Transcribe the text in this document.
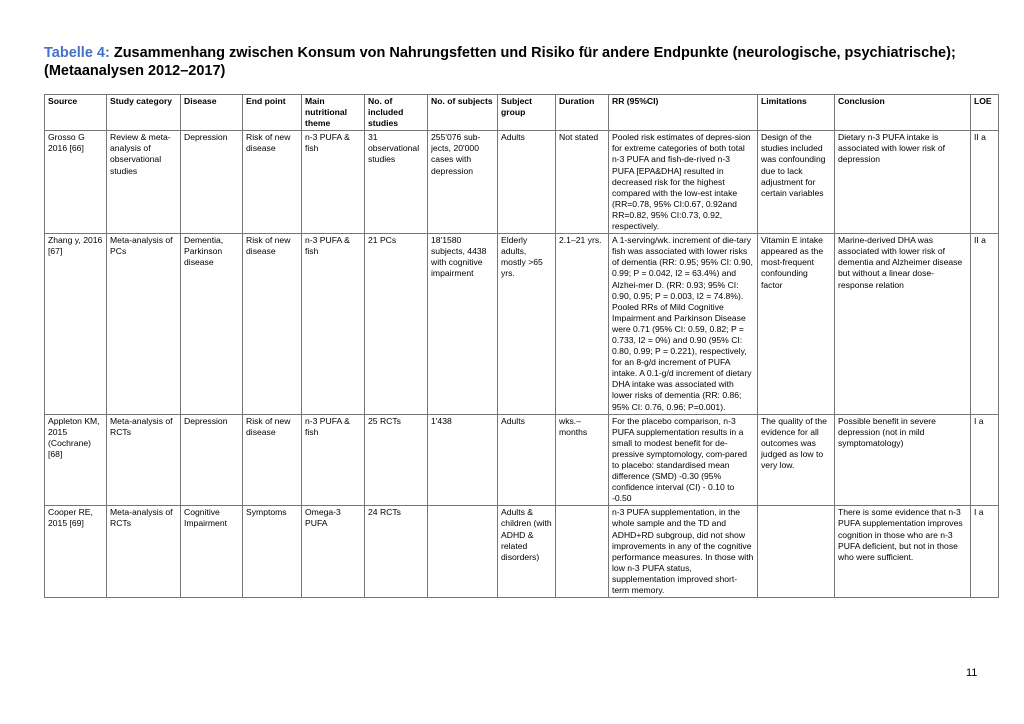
Tabelle 4: Zusammenhang zwischen Konsum von Nahrungsfetten und Risiko für andere Endpunkte (neurologische, psychiatrische); (Metaanalysen 2012–2017)

Source	Study category	Disease	End point	Main nutritional theme	No. of included studies	No. of subjects	Subject group	Duration	RR (95%CI)	Limitations	Conclusion	LOE
Grosso G 2016 [66]	Review & meta-analysis of observational studies	Depression	Risk of new disease	n-3 PUFA & fish	31 observational studies	255'076 sub-jects, 20'000 cases with depression	Adults	Not stated	Pooled risk estimates of depres-sion for extreme categories of both total n-3 PUFA and fish-de-rived n-3 PUFA [EPA&DHA] resulted in decreased risk for the highest compared with the low-est intake (RR=0.78, 95% CI:0.67, 0.92and RR=0.82, 95% CI:0.73, 0.92, respectively.	Design of the studies included was confounding due to lack adjustment for certain variables	Dietary n-3 PUFA intake is associated with lower risk of depression	II a
Zhang y, 2016 [67]	Meta-analysis of PCs	Dementia, Parkinson disease	Risk of new disease	n-3 PUFA & fish	21 PCs	18'1580 subjects, 4438 with cognitive impairment	Elderly adults, mostly >65 yrs.	2.1–21 yrs.	A 1-serving/wk. increment of die-tary fish was associated with lower risks of dementia (RR: 0.95; 95% CI: 0.90, 0.99; P = 0.042, I2 = 63.4%) and Alzhei-mer D. (RR: 0.93; 95% CI: 0.90, 0.95; P = 0.003, I2 = 74.8%). Pooled RRs of Mild Cognitive Impairment and Parkinson Disease were 0.71 (95% CI: 0.59, 0.82; P = 0.733, I2 = 0%) and 0.90 (95% CI: 0.80, 0.99; P = 0.221), respectively, for an 8-g/d increment of PUFA intake. A 0.1-g/d increment of dietary DHA intake was associated with lower risks of dementia (RR: 0.86; 95% CI: 0.76, 0.96; P=0.001).	Vitamin E intake appeared as the most-frequent confounding factor	Marine-derived DHA was associated with lower risk of dementia and Alzheimer disease but without a linear dose-response relation	II a
Appleton KM, 2015 (Cochrane) [68]	Meta-analysis of RCTs	Depression	Risk of new disease	n-3 PUFA & fish	25 RCTs	1'438	Adults	wks.– months	For the placebo comparison, n-3 PUFA supplementation results in a small to modest benefit for de-pressive symptomology, com-pared to placebo: standardised mean difference (SMD) -0.30 (95% confidence interval (CI) - 0.10 to -0.50	The quality of the evidence for all outcomes was judged as low to very low.	Possible benefit in severe depression (not in mild symptomatology)	I a
Cooper RE, 2015 [69]	Meta-analysis of RCTs	Cognitive Impairment	Symptoms	Omega-3 PUFA	24 RCTs		Adults & children (with ADHD & related disorders)		n-3 PUFA supplementation, in the whole sample and the TD and ADHD+RD subgroup, did not show improvements in any of the cognitive performance measures. In those with low n-3 PUFA status, supplementation improved short-term memory.		There is some evidence that n-3 PUFA supplementation improves cognition in those who are n-3 PUFA deficient, but not in those who were sufficient.	I a
11
